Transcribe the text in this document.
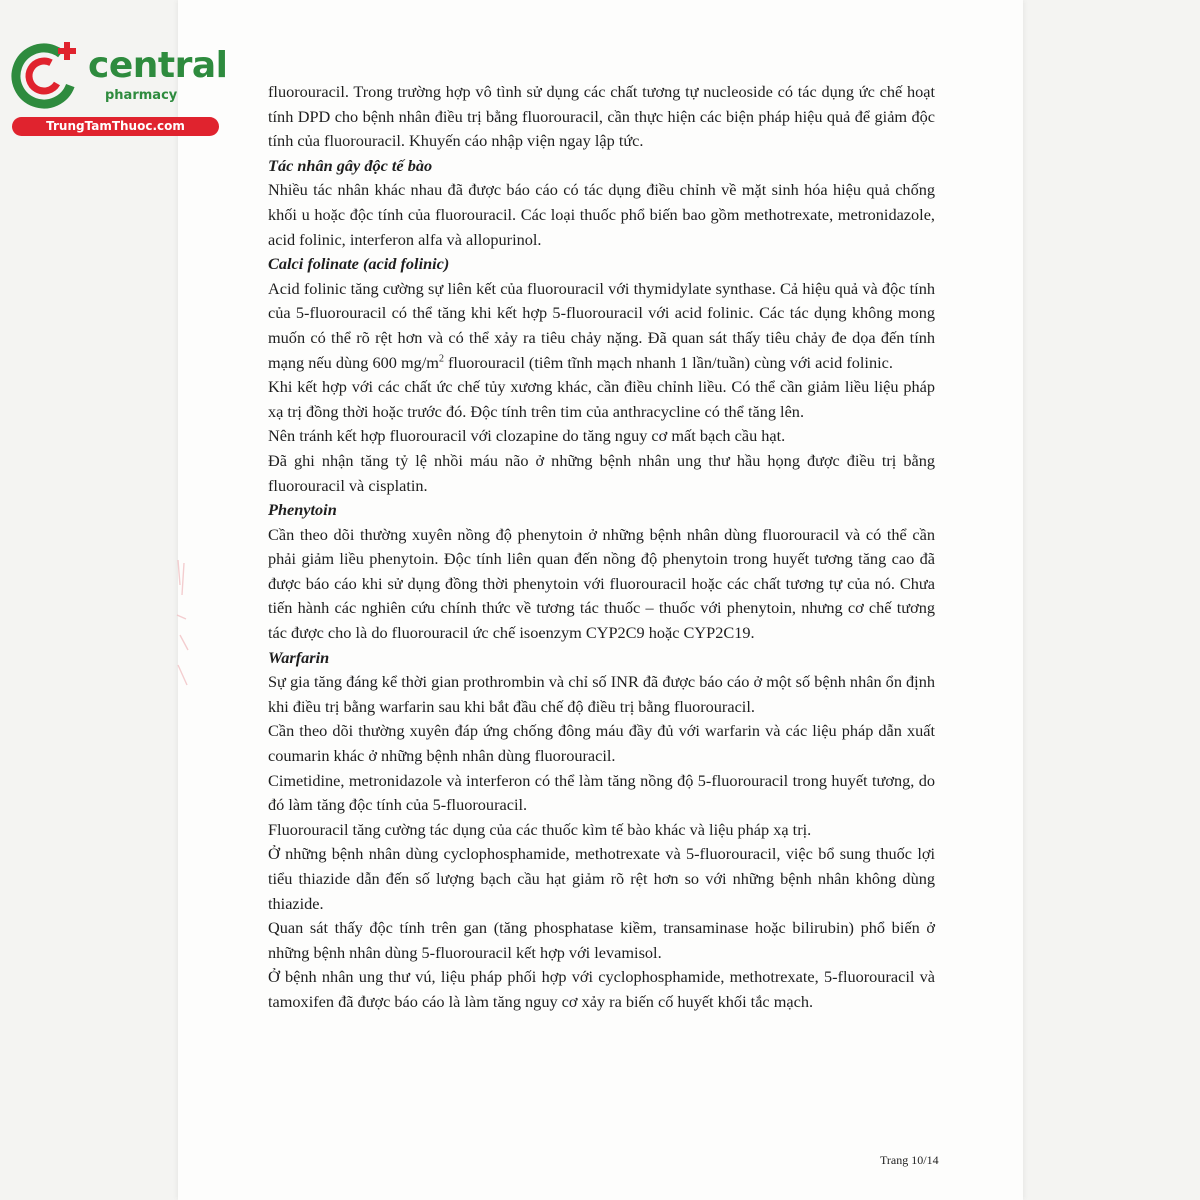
central
pharmacy
TrungTamThuoc.com

fluorouracil. Trong trường hợp vô tình sử dụng các chất tương tự nucleoside có tác dụng ức chế hoạt tính DPD cho bệnh nhân điều trị bằng fluorouracil, cần thực hiện các biện pháp hiệu quả để giảm độc tính của fluorouracil. Khuyến cáo nhập viện ngay lập tức.

Tác nhân gây độc tế bào

Nhiều tác nhân khác nhau đã được báo cáo có tác dụng điều chỉnh về mặt sinh hóa hiệu quả chống khối u hoặc độc tính của fluorouracil. Các loại thuốc phổ biến bao gồm methotrexate, metronidazole, acid folinic, interferon alfa và allopurinol.

Calci folinate (acid folinic)

Acid folinic tăng cường sự liên kết của fluorouracil với thymidylate synthase. Cả hiệu quả và độc tính của 5-fluorouracil có thể tăng khi kết hợp 5-fluorouracil với acid folinic. Các tác dụng không mong muốn có thể rõ rệt hơn và có thể xảy ra tiêu chảy nặng. Đã quan sát thấy tiêu chảy đe dọa đến tính mạng nếu dùng 600 $mg/m^2$ fluorouracil (tiêm tĩnh mạch nhanh 1 lần/tuần) cùng với acid folinic.

Khi kết hợp với các chất ức chế tủy xương khác, cần điều chỉnh liều. Có thể cần giảm liều liệu pháp xạ trị đồng thời hoặc trước đó. Độc tính trên tim của anthracycline có thể tăng lên.

Nên tránh kết hợp fluorouracil với clozapine do tăng nguy cơ mất bạch cầu hạt.

Đã ghi nhận tăng tỷ lệ nhồi máu não ở những bệnh nhân ung thư hầu họng được điều trị bằng fluorouracil và cisplatin.

Phenytoin

Cần theo dõi thường xuyên nồng độ phenytoin ở những bệnh nhân dùng fluorouracil và có thể cần phải giảm liều phenytoin. Độc tính liên quan đến nồng độ phenytoin trong huyết tương tăng cao đã được báo cáo khi sử dụng đồng thời phenytoin với fluorouracil hoặc các chất tương tự của nó. Chưa tiến hành các nghiên cứu chính thức về tương tác thuốc – thuốc với phenytoin, nhưng cơ chế tương tác được cho là do fluorouracil ức chế isoenzym CYP2C9 hoặc CYP2C19.

Warfarin

Sự gia tăng đáng kể thời gian prothrombin và chỉ số INR đã được báo cáo ở một số bệnh nhân ổn định khi điều trị bằng warfarin sau khi bắt đầu chế độ điều trị bằng fluorouracil.

Cần theo dõi thường xuyên đáp ứng chống đông máu đầy đủ với warfarin và các liệu pháp dẫn xuất coumarin khác ở những bệnh nhân dùng fluorouracil.

Cimetidine, metronidazole và interferon có thể làm tăng nồng độ 5-fluorouracil trong huyết tương, do đó làm tăng độc tính của 5-fluorouracil.

Fluorouracil tăng cường tác dụng của các thuốc kìm tế bào khác và liệu pháp xạ trị.

Ở những bệnh nhân dùng cyclophosphamide, methotrexate và 5-fluorouracil, việc bổ sung thuốc lợi tiểu thiazide dẫn đến số lượng bạch cầu hạt giảm rõ rệt hơn so với những bệnh nhân không dùng thiazide.

Quan sát thấy độc tính trên gan (tăng phosphatase kiềm, transaminase hoặc bilirubin) phổ biến ở những bệnh nhân dùng 5-fluorouracil kết hợp với levamisol.

Ở bệnh nhân ung thư vú, liệu pháp phối hợp với cyclophosphamide, methotrexate, 5-fluorouracil và tamoxifen đã được báo cáo là làm tăng nguy cơ xảy ra biến cố huyết khối tắc mạch.

Trang 10/14
